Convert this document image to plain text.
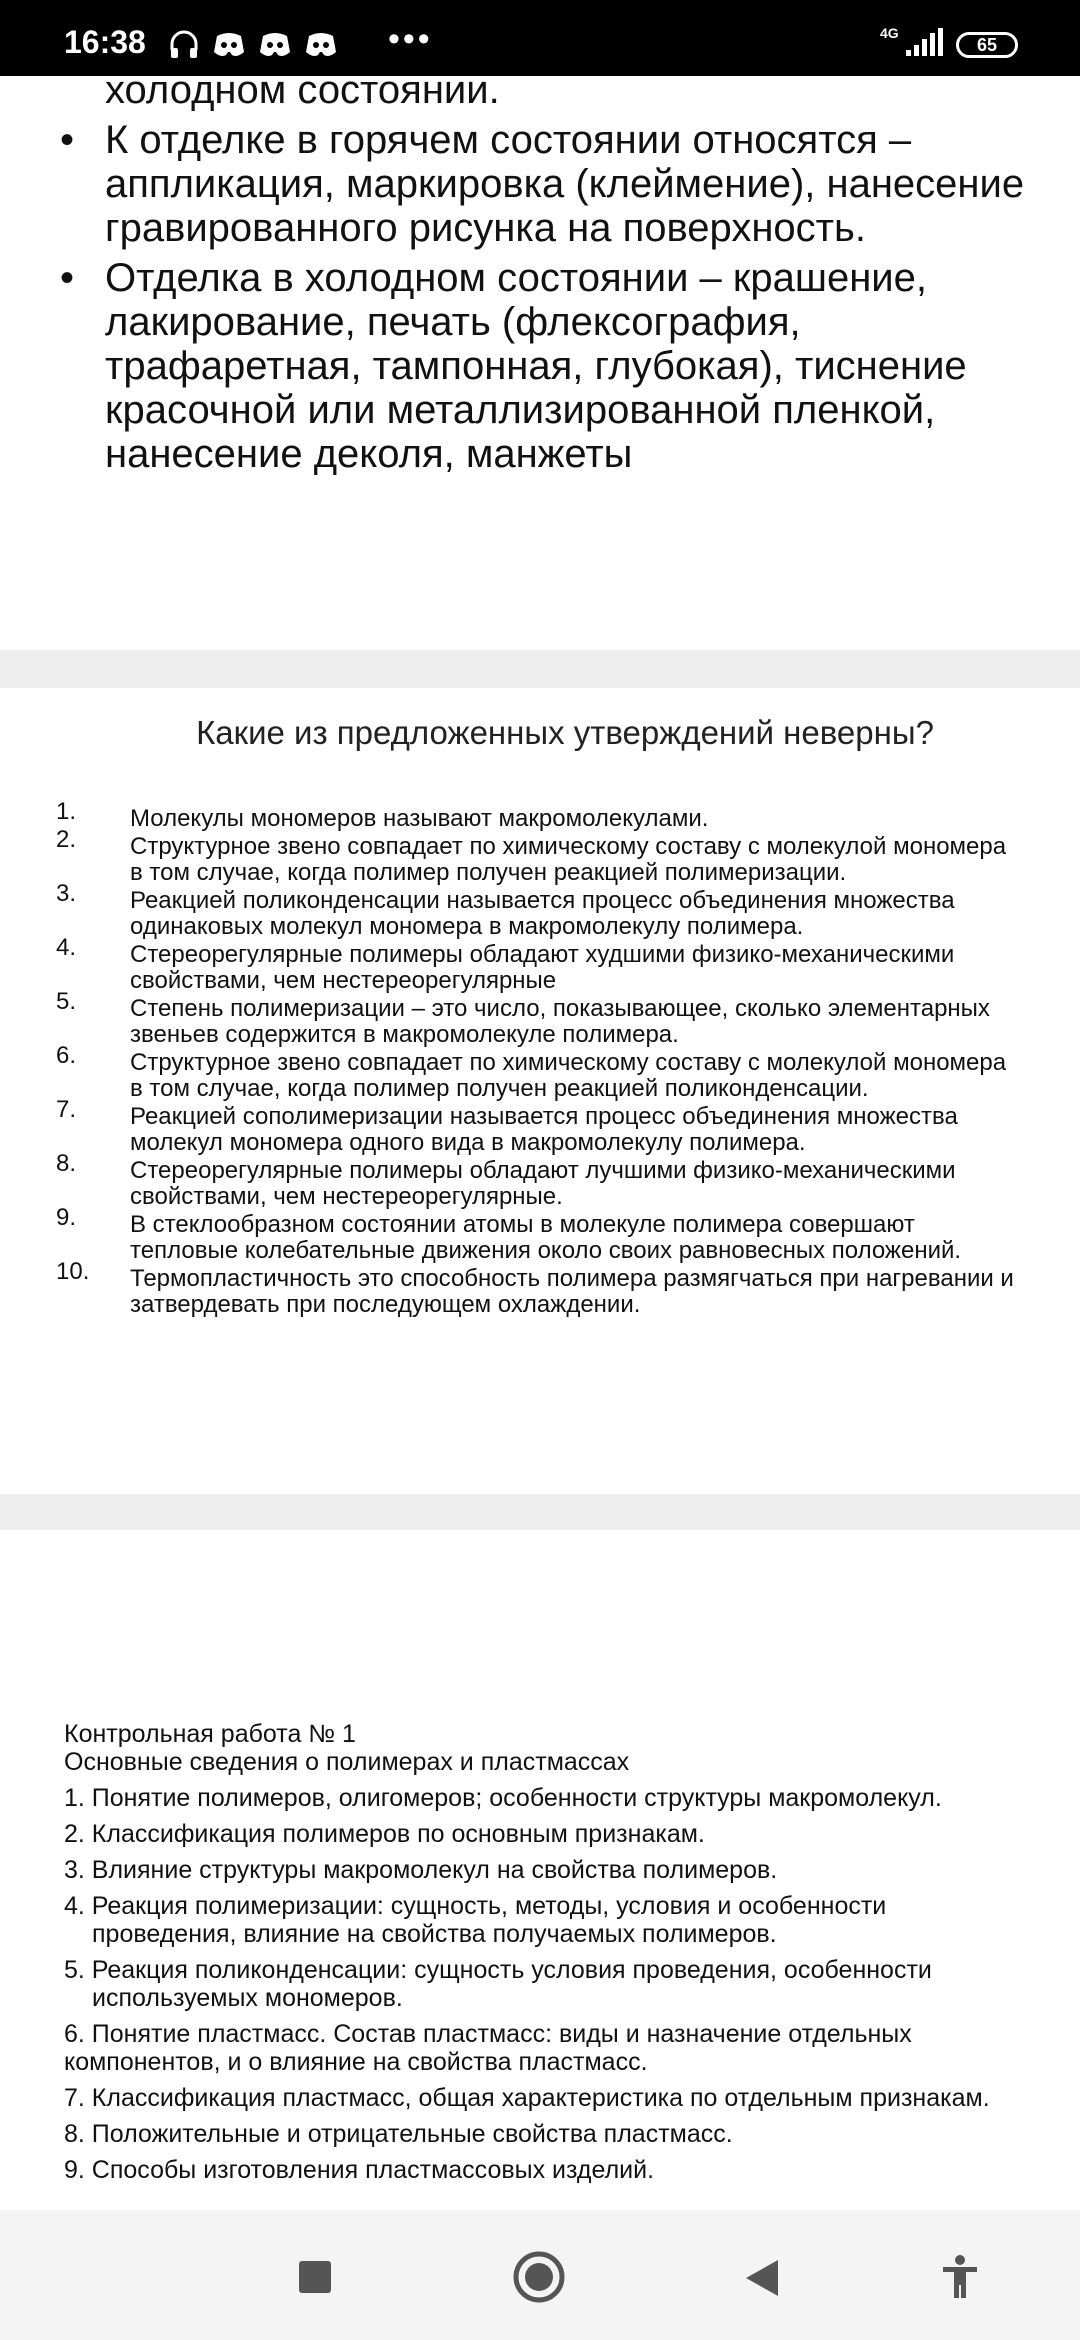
16:38	•••	4G
65
холодном состоянии.
• К отделке в горячем состоянии относятся – аппликация, маркировка (клеймение), нанесение гравированного рисунка на поверхность.
• Отделка в холодном состоянии – крашение, лакирование, печать (флексография, трафаретная, тампонная, глубокая), тиснение красочной или металлизированной пленкой, нанесение деколя, манжеты
Какие из предложенных утверждений неверны?
1.	Молекулы мономеров называют макромолекулами.
2.	Структурное звено совпадает по химическому составу с молекулой мономера в том случае, когда полимер получен реакцией полимеризации.
3.	Реакцией поликонденсации называется процесс объединения множества одинаковых молекул мономера в макромолекулу полимера.
4.	Стереорегулярные полимеры обладают худшими физико-механическими свойствами, чем нестереорегулярные
5.	Степень полимеризации – это число, показывающее, сколько элементарных звеньев содержится в макромолекуле полимера.
6.	Структурное звено совпадает по химическому составу с молекулой мономера в том случае, когда полимер получен реакцией поликонденсации.
7.	Реакцией сополимеризации называется процесс объединения множества молекул мономера одного вида в макромолекулу полимера.
8.	Стереорегулярные полимеры обладают лучшими физико-механическими свойствами, чем нестереорегулярные.
9.	В стеклообразном состоянии атомы в молекуле полимера совершают тепловые колебательные движения около своих равновесных положений.
10.	Термопластичность это способность полимера размягчаться при нагревании и затвердевать при последующем охлаждении.
Контрольная работа № 1
Основные сведения о полимерах и пластмассах
1. Понятие полимеров, олигомеров; особенности структуры макромолекул.
2. Классификация полимеров по основным признакам.
3. Влияние структуры макромолекул на свойства полимеров.
4. Реакция полимеризации: сущность, методы, условия и особенности проведения, влияние на свойства получаемых полимеров.
5. Реакция поликонденсации: сущность условия проведения, особенности используемых мономеров.
6. Понятие пластмасс. Состав пластмасс: виды и назначение отдельных компонентов, и о влияние на свойства пластмасс.
7. Классификация пластмасс, общая характеристика по отдельным признакам.
8. Положительные и отрицательные свойства пластмасс.
9. Способы изготовления пластмассовых изделий.
